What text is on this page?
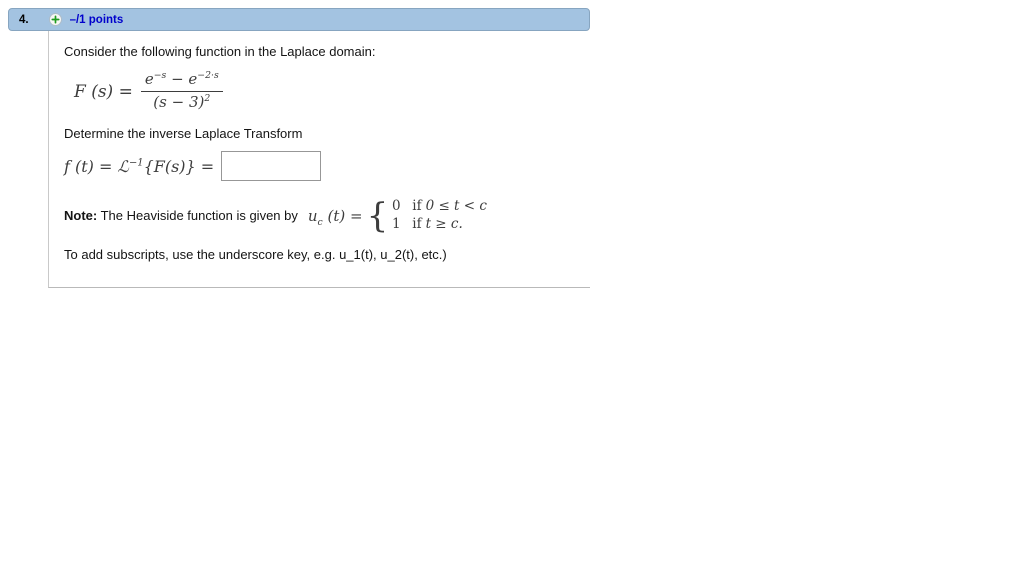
4.	–/1 points

Consider the following function in the Laplace domain:

F $(s) = \frac{e^{-s} - e^{-2\cdot s}}{(s - 3)^2}$

Determine the inverse Laplace Transform

f (t) = ℒ$^{-1}${F(s)} =
Note: The Heaviside function is given by $u_c$ (t) = { 0 if 0 ≤ t < c
1 if t ≥ c.

To add subscripts, use the underscore key, e.g. u_1(t), u_2(t), etc.)
